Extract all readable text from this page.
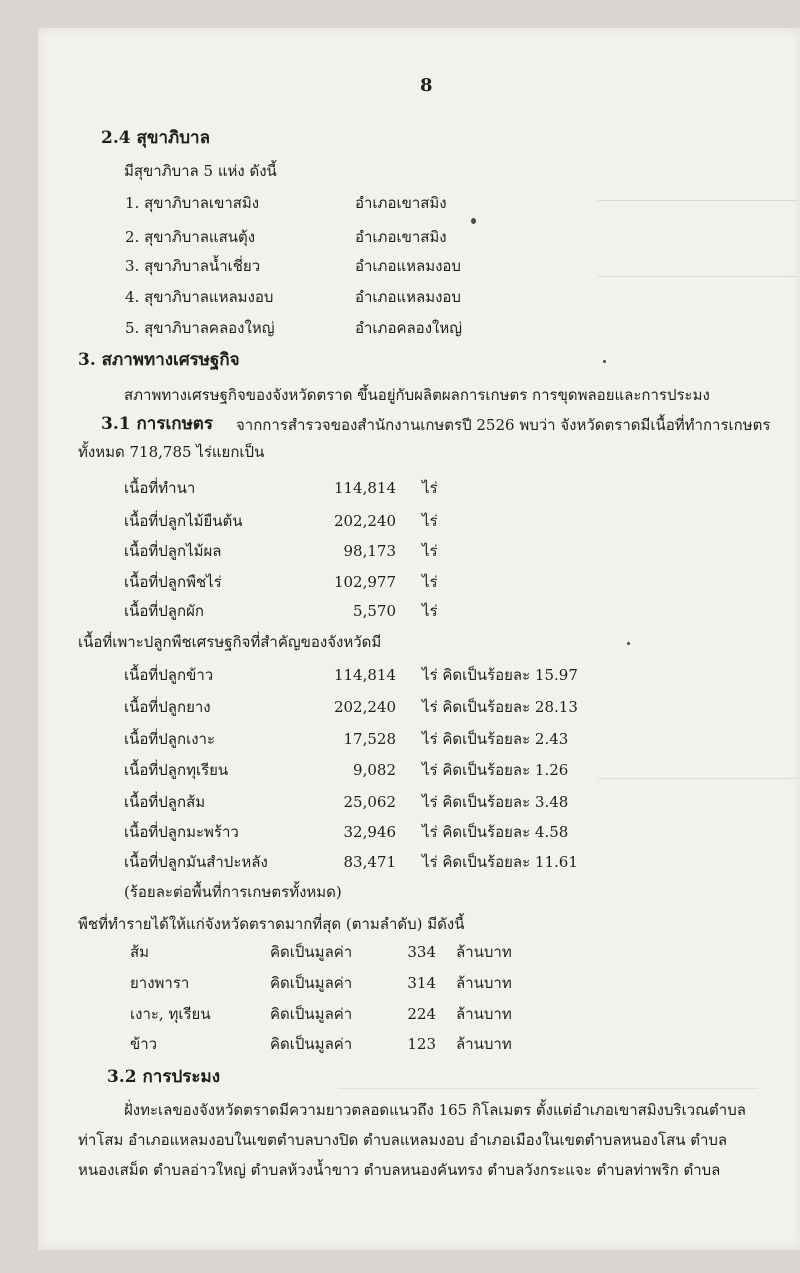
8
2.4 สุขาภิบาล
มีสุขาภิบาล 5 แห่ง ดังนี้
1. สุขาภิบาลเขาสมิง	อำเภอเขาสมิง
2. สุขาภิบาลแสนตุ้ง	อำเภอเขาสมิง
3. สุขาภิบาลน้ำเชี่ยว	อำเภอแหลมงอบ
4. สุขาภิบาลแหลมงอบ	อำเภอแหลมงอบ
5. สุขาภิบาลคลองใหญ่	อำเภอคลองใหญ่
3. สภาพทางเศรษฐกิจ
สภาพทางเศรษฐกิจของจังหวัดตราด ขึ้นอยู่กับผลิตผลการเกษตร การขุดพลอยและการประมง
3.1 การเกษตร จากการสำรวจของสำนักงานเกษตรปี 2526 พบว่า จังหวัดตราดมีเนื้อที่ทำการเกษตร
ทั้งหมด 718,785 ไร่แยกเป็น
เนื้อที่ทำนา	114,814 ไร่
เนื้อที่ปลูกไม้ยืนต้น	202,240 ไร่
เนื้อที่ปลูกไม้ผล	98,173 ไร่
เนื้อที่ปลูกพืชไร่	102,977 ไร่
เนื้อที่ปลูกผัก	5,570 ไร่
เนื้อที่เพาะปลูกพืชเศรษฐกิจที่สำคัญของจังหวัดมี
เนื้อที่ปลูกข้าว	114,814 ไร่ คิดเป็นร้อยละ 15.97
เนื้อที่ปลูกยาง	202,240 ไร่ คิดเป็นร้อยละ 28.13
เนื้อที่ปลูกเงาะ	17,528 ไร่ คิดเป็นร้อยละ 2.43
เนื้อที่ปลูกทุเรียน	9,082 ไร่ คิดเป็นร้อยละ 1.26
เนื้อที่ปลูกส้ม	25,062 ไร่ คิดเป็นร้อยละ 3.48
เนื้อที่ปลูกมะพร้าว	32,946 ไร่ คิดเป็นร้อยละ 4.58
เนื้อที่ปลูกมันสำปะหลัง	83,471 ไร่ คิดเป็นร้อยละ 11.61
(ร้อยละต่อพื้นที่การเกษตรทั้งหมด)
พืชที่ทำรายได้ให้แก่จังหวัดตราดมากที่สุด (ตามลำดับ) มีดังนี้
ส้ม	คิดเป็นมูลค่า	334 ล้านบาท
ยางพารา	คิดเป็นมูลค่า	314 ล้านบาท
เงาะ, ทุเรียน	คิดเป็นมูลค่า	224 ล้านบาท
ข้าว	คิดเป็นมูลค่า	123 ล้านบาท
3.2 การประมง
ฝั่งทะเลของจังหวัดตราดมีความยาวตลอดแนวถึง 165 กิโลเมตร ตั้งแต่อำเภอเขาสมิงบริเวณตำบล
ท่าโสม อำเภอแหลมงอบในเขตตำบลบางปิด ตำบลแหลมงอบ อำเภอเมืองในเขตตำบลหนองโสน ตำบล
หนองเสม็ด ตำบลอ่าวใหญ่ ตำบลห้วงน้ำขาว ตำบลหนองคันทรง ตำบลวังกระแจะ ตำบลท่าพริก ตำบล
